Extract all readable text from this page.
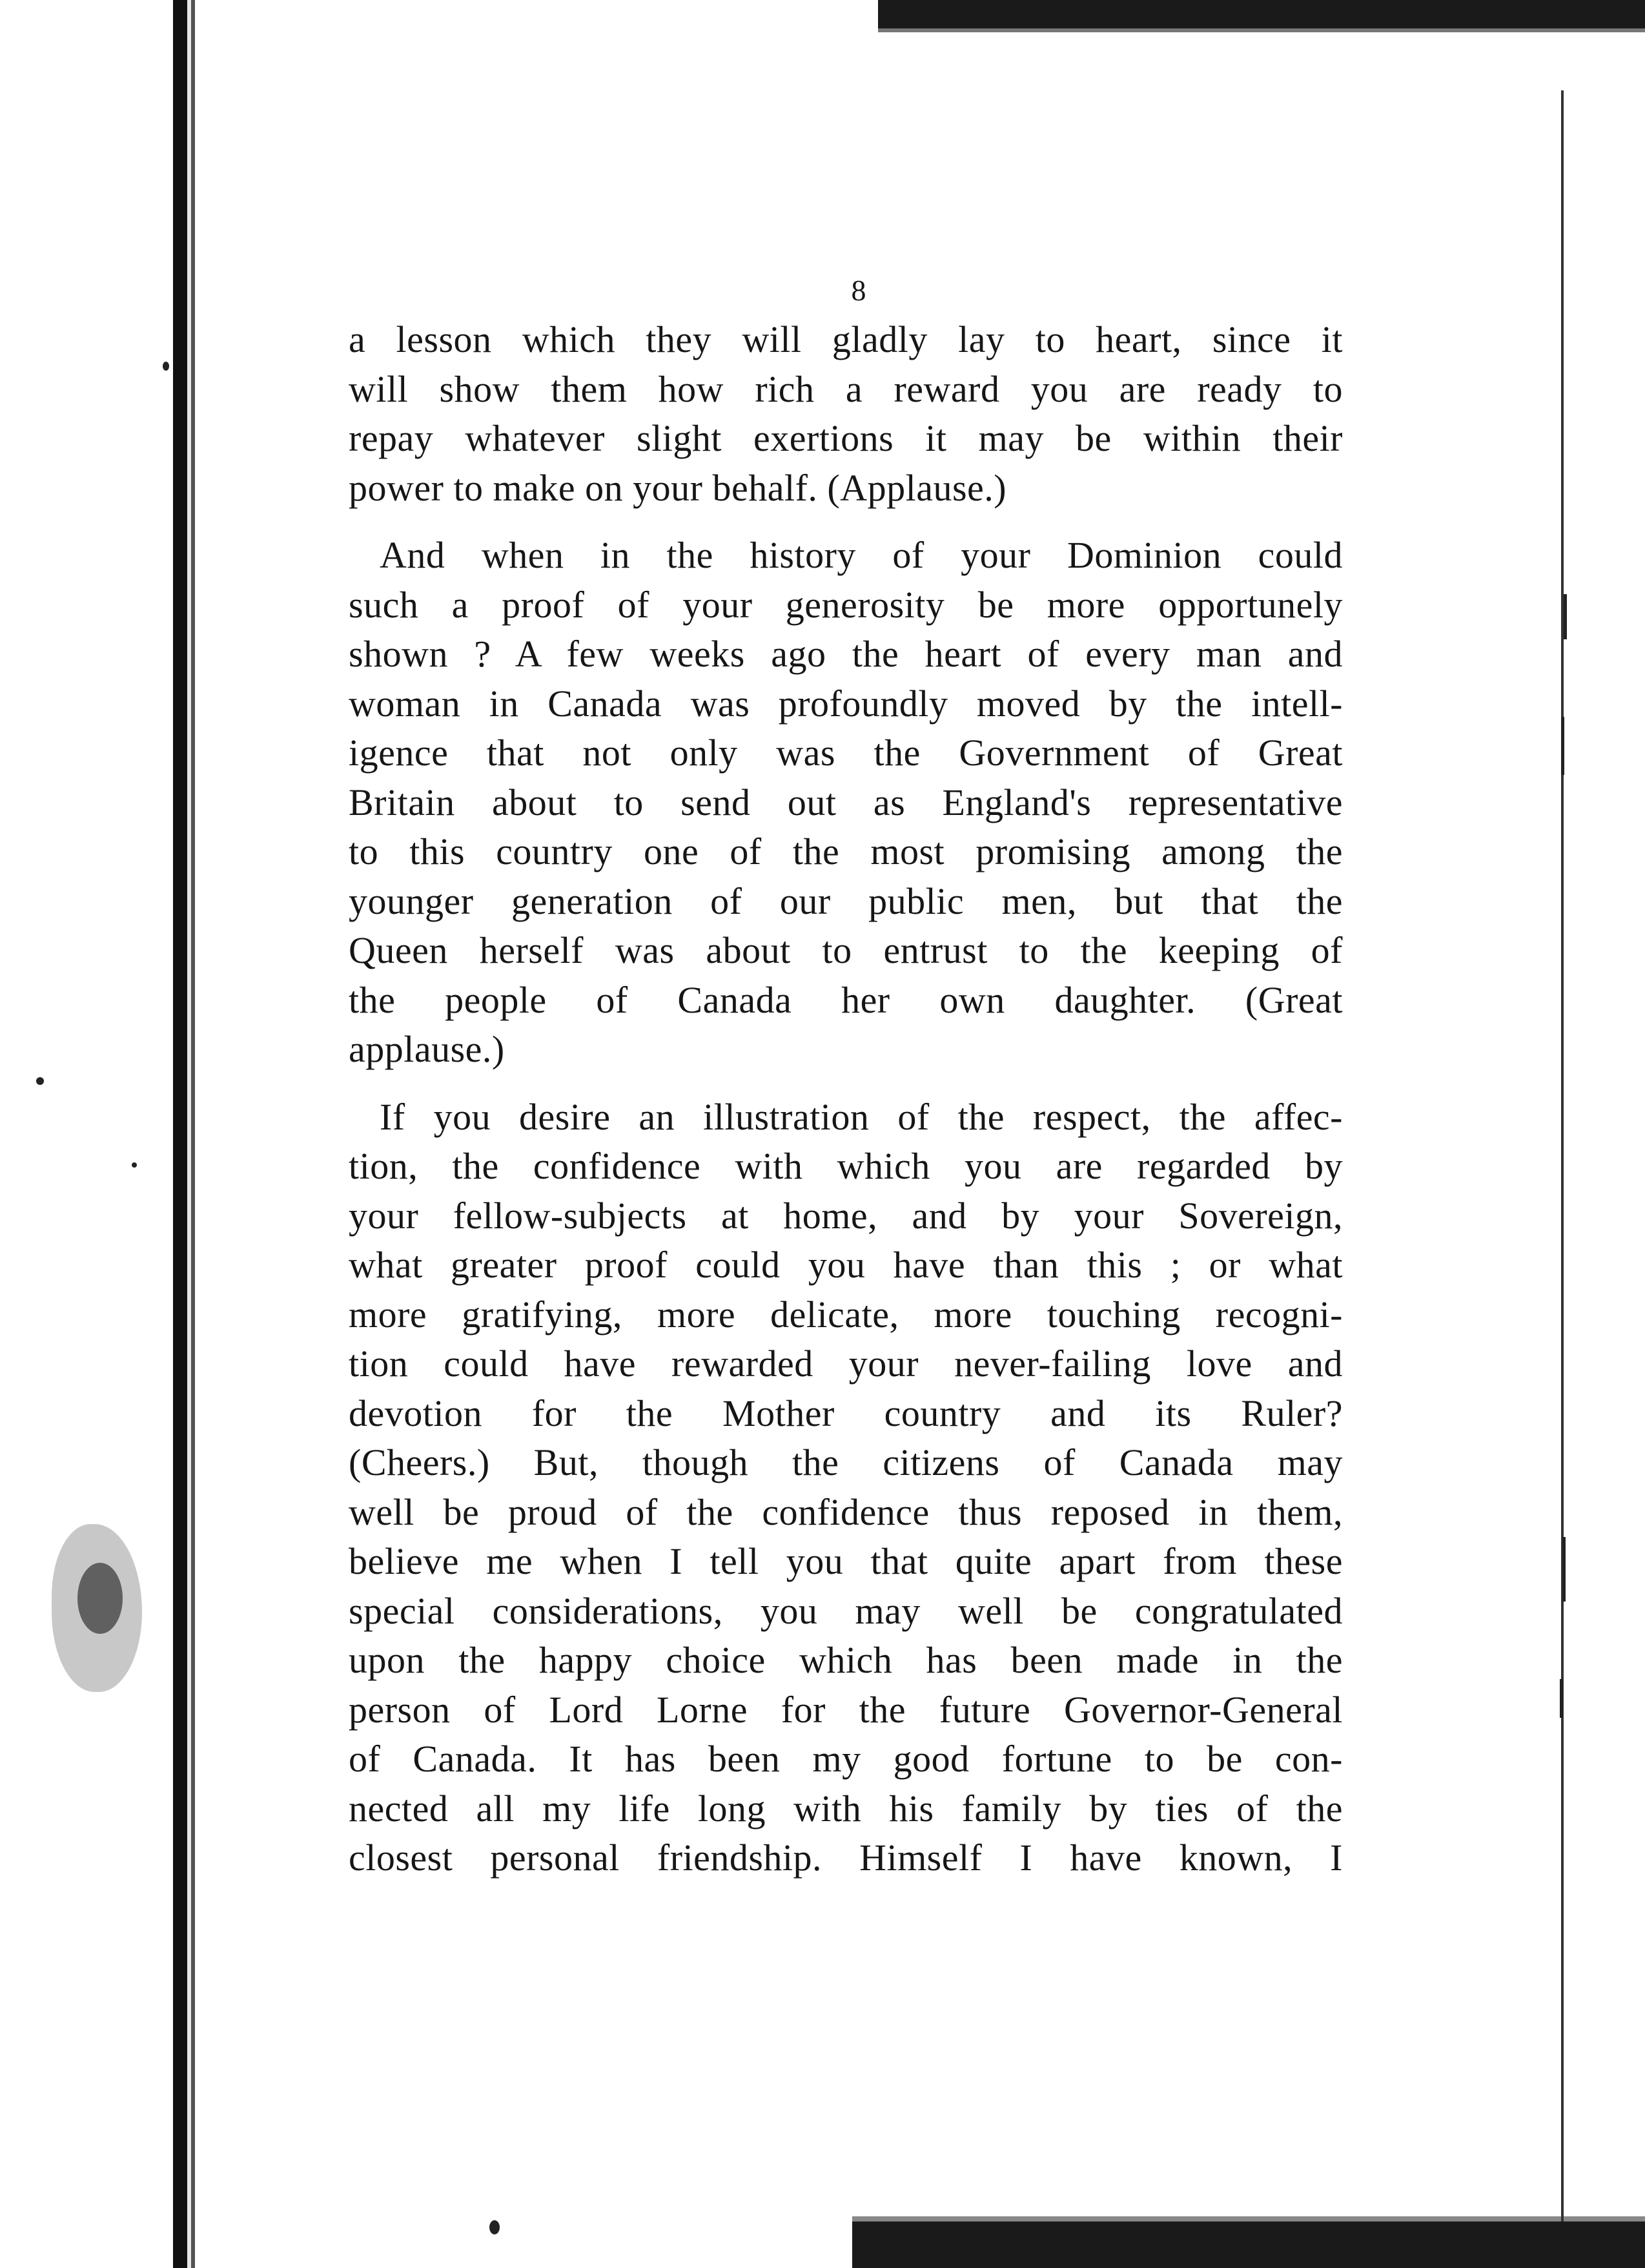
8
a lesson which they will gladly lay to heart, since it
will show them how rich a reward you are ready to
repay whatever slight exertions it may be within their
power to make on your behalf. (Applause.)
And when in the history of your Dominion could
such a proof of your generosity be more opportunely
shown ? A few weeks ago the heart of every man and
woman in Canada was profoundly moved by the intell-
igence that not only was the Government of Great
Britain about to send out as England's representative
to this country one of the most promising among the
younger generation of our public men, but that the
Queen herself was about to entrust to the keeping of
the people of Canada her own daughter. (Great
applause.)
If you desire an illustration of the respect, the affec-
tion, the confidence with which you are regarded by
your fellow-subjects at home, and by your Sovereign,
what greater proof could you have than this ; or what
more gratifying, more delicate, more touching recogni-
tion could have rewarded your never-failing love and
devotion for the Mother country and its Ruler?
(Cheers.) But, though the citizens of Canada may
well be proud of the confidence thus reposed in them,
believe me when I tell you that quite apart from these
special considerations, you may well be congratulated
upon the happy choice which has been made in the
person of Lord Lorne for the future Governor-General
of Canada. It has been my good fortune to be con-
nected all my life long with his family by ties of the
closest personal friendship. Himself I have known, I
